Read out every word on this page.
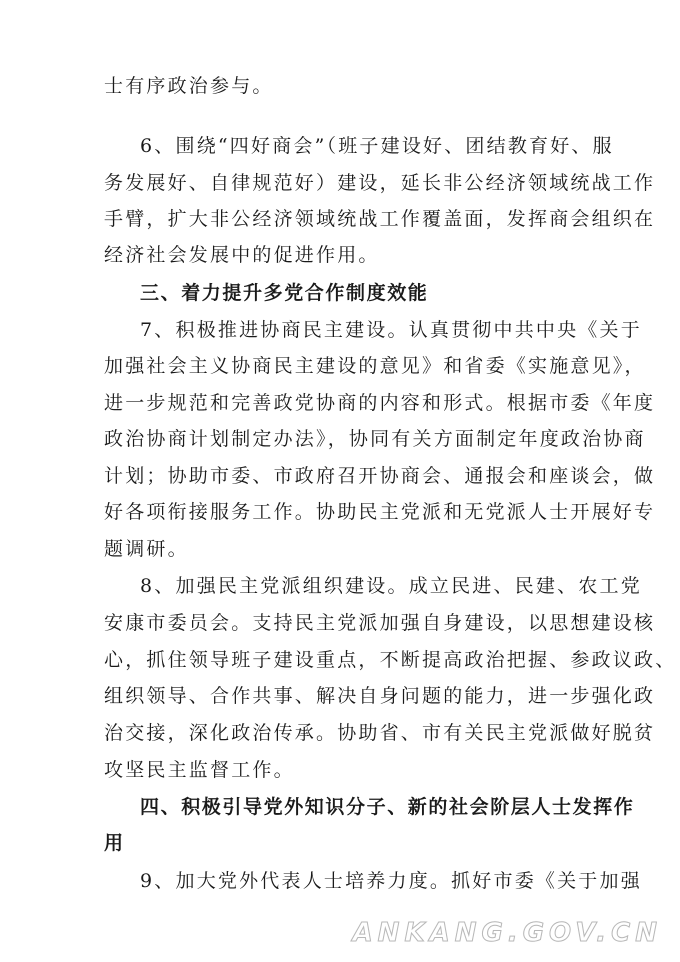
士有序政治参与。
6、围绕“四好商会”（班子建设好、团结教育好、服
务发展好、自律规范好）建设，延长非公经济领域统战工作
手臂，扩大非公经济领域统战工作覆盖面，发挥商会组织在
经济社会发展中的促进作用。
三、着力提升多党合作制度效能
7、积极推进协商民主建设。认真贯彻中共中央《关于
加强社会主义协商民主建设的意见》和省委《实施意见》，
进一步规范和完善政党协商的内容和形式。根据市委《年度
政治协商计划制定办法》，协同有关方面制定年度政治协商
计划；协助市委、市政府召开协商会、通报会和座谈会，做
好各项衔接服务工作。协助民主党派和无党派人士开展好专
题调研。
8、加强民主党派组织建设。成立民进、民建、农工党
安康市委员会。支持民主党派加强自身建设，以思想建设核
心，抓住领导班子建设重点，不断提高政治把握、参政议政、
组织领导、合作共事、解决自身问题的能力，进一步强化政
治交接，深化政治传承。协助省、市有关民主党派做好脱贫
攻坚民主监督工作。
四、积极引导党外知识分子、新的社会阶层人士发挥作
用
9、加大党外代表人士培养力度。抓好市委《关于加强
ANKANG.GOV.CN
